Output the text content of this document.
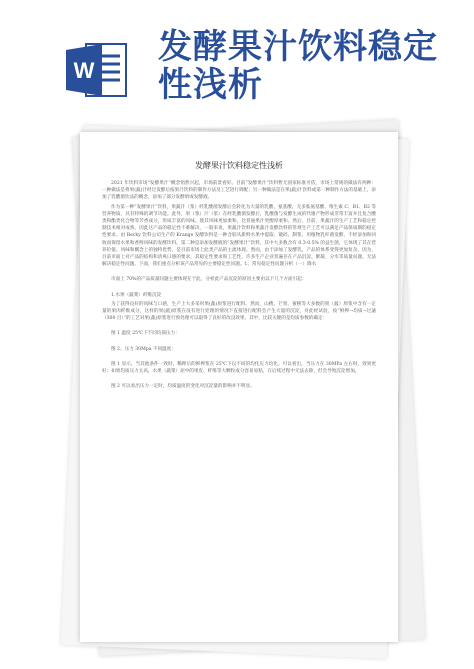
W
发酵果汁饮料稳定
性浅析
发酵果汁饮料稳定性浅析

2021 年饮料市场“发酵果汁”概念悄然兴起，市场前景看好。目前“发酵果汁”饮料暂无国家标准可依，市场上常规的做法有两种：一种做法是将果(蔬)汁经过发酵后按果汁饮料的制作方法及工艺进行调配；另一种做法是在果(蔬)汁饮料或第一种制作方法的基础上，添加了乳酸菌饮品的概念，添加了部分发酵奶或发酵液。

作为第一种“发酵果汁”饮料，果蔬汁（浆）经乳酸菌发酵后会转化为大量的乳酸、氨基酸、无多肽氨基酸、维生素 C、B1、B2 等营养物质，具有特殊的调节功能。此外，果（浆）汁（浆）在经乳酸菌发酵后，乳酸菌与发酵生成的代谢产物形成非常丰富并且复合酸类和酯类化合物等芳香成分，形成丰富的风味。使其风味更加柔和，比普通果汁更醇厚柔和。然后，目前，果蔬汁的生产工艺和稳定控制技术相对成熟，因此这产品的稳定性不难解决，一般来说，果蔬汁饮料和果蔬汁发酵饮料的常规生产工艺可以满足产品保质期的稳定性要求。由 Becky 饮料公司生产的 Krange 发酵饮料是一种含胶从新鲜水果中提取、破碎、制浆、用植物乳杆菌发酵、不经添加和回收而保留水果和香鲜风味的发酵饮料。第二种是添加发酵液的“发酵果汁”饮料，其中大多数含有 0.3-0.5% 的益生菌，它体现了其在营养价值、风味和概念上的独特优势，是目前市场上此类产品的主流体现。然而，由于添加了发酵乳，产品的体系变得更加复杂。因为，目前市面上对产品的结构和清爽口感的要求，其稳定性要求和工艺性，许多生产企业普遍存在产品沉淀、絮凝、分水等质量问题。无法解决稳定性问题。下面，我们重点分析该产品常见的主要稳定性问题。1、常见稳定性问题分析（一）降水

市面上 70%的产品质量问题主要体现在于此，分析此产品沉淀的原因主要由以下几个方面引起：

1.水果（蔬菜）纤维沉淀

为了获得良好的风味与口感，生产上大多采用果(蔬)原浆进行配料。然而，山楂、芒果、蜜桃等大多数的果（蔬）原浆中含有一定量的果肉纤维成分，这样的果(蔬)原浆在没有进行处理的情况下直接进行配料会产生大量的沉淀，对此经试验，按“鲜榨→均质→过滤（300 目）”的工艺对果(蔬)原浆进行预处理可以取得了良好的改良效果，其中，比较关键的是均质参数的确定：

图 1 温度 25℃下不同均质压力：

图 2、压力 30Mpa 不同温度：

图 1 显示，当其他条件一致时，稀释后的鲜榨浆在 25℃下以不同的均化压力均化。可以看出，当压力在 30MPa 左右时，效果更好；如果均质压力太高，水果（蔬菜）泥中的果皮、纤维等大颗粒成分容易易粘，在后续过程中无法去除，但会导致沉淀增加。

图 2 可以看出压力一定时，均质温度的变化对沉淀量的影响并不明显。
